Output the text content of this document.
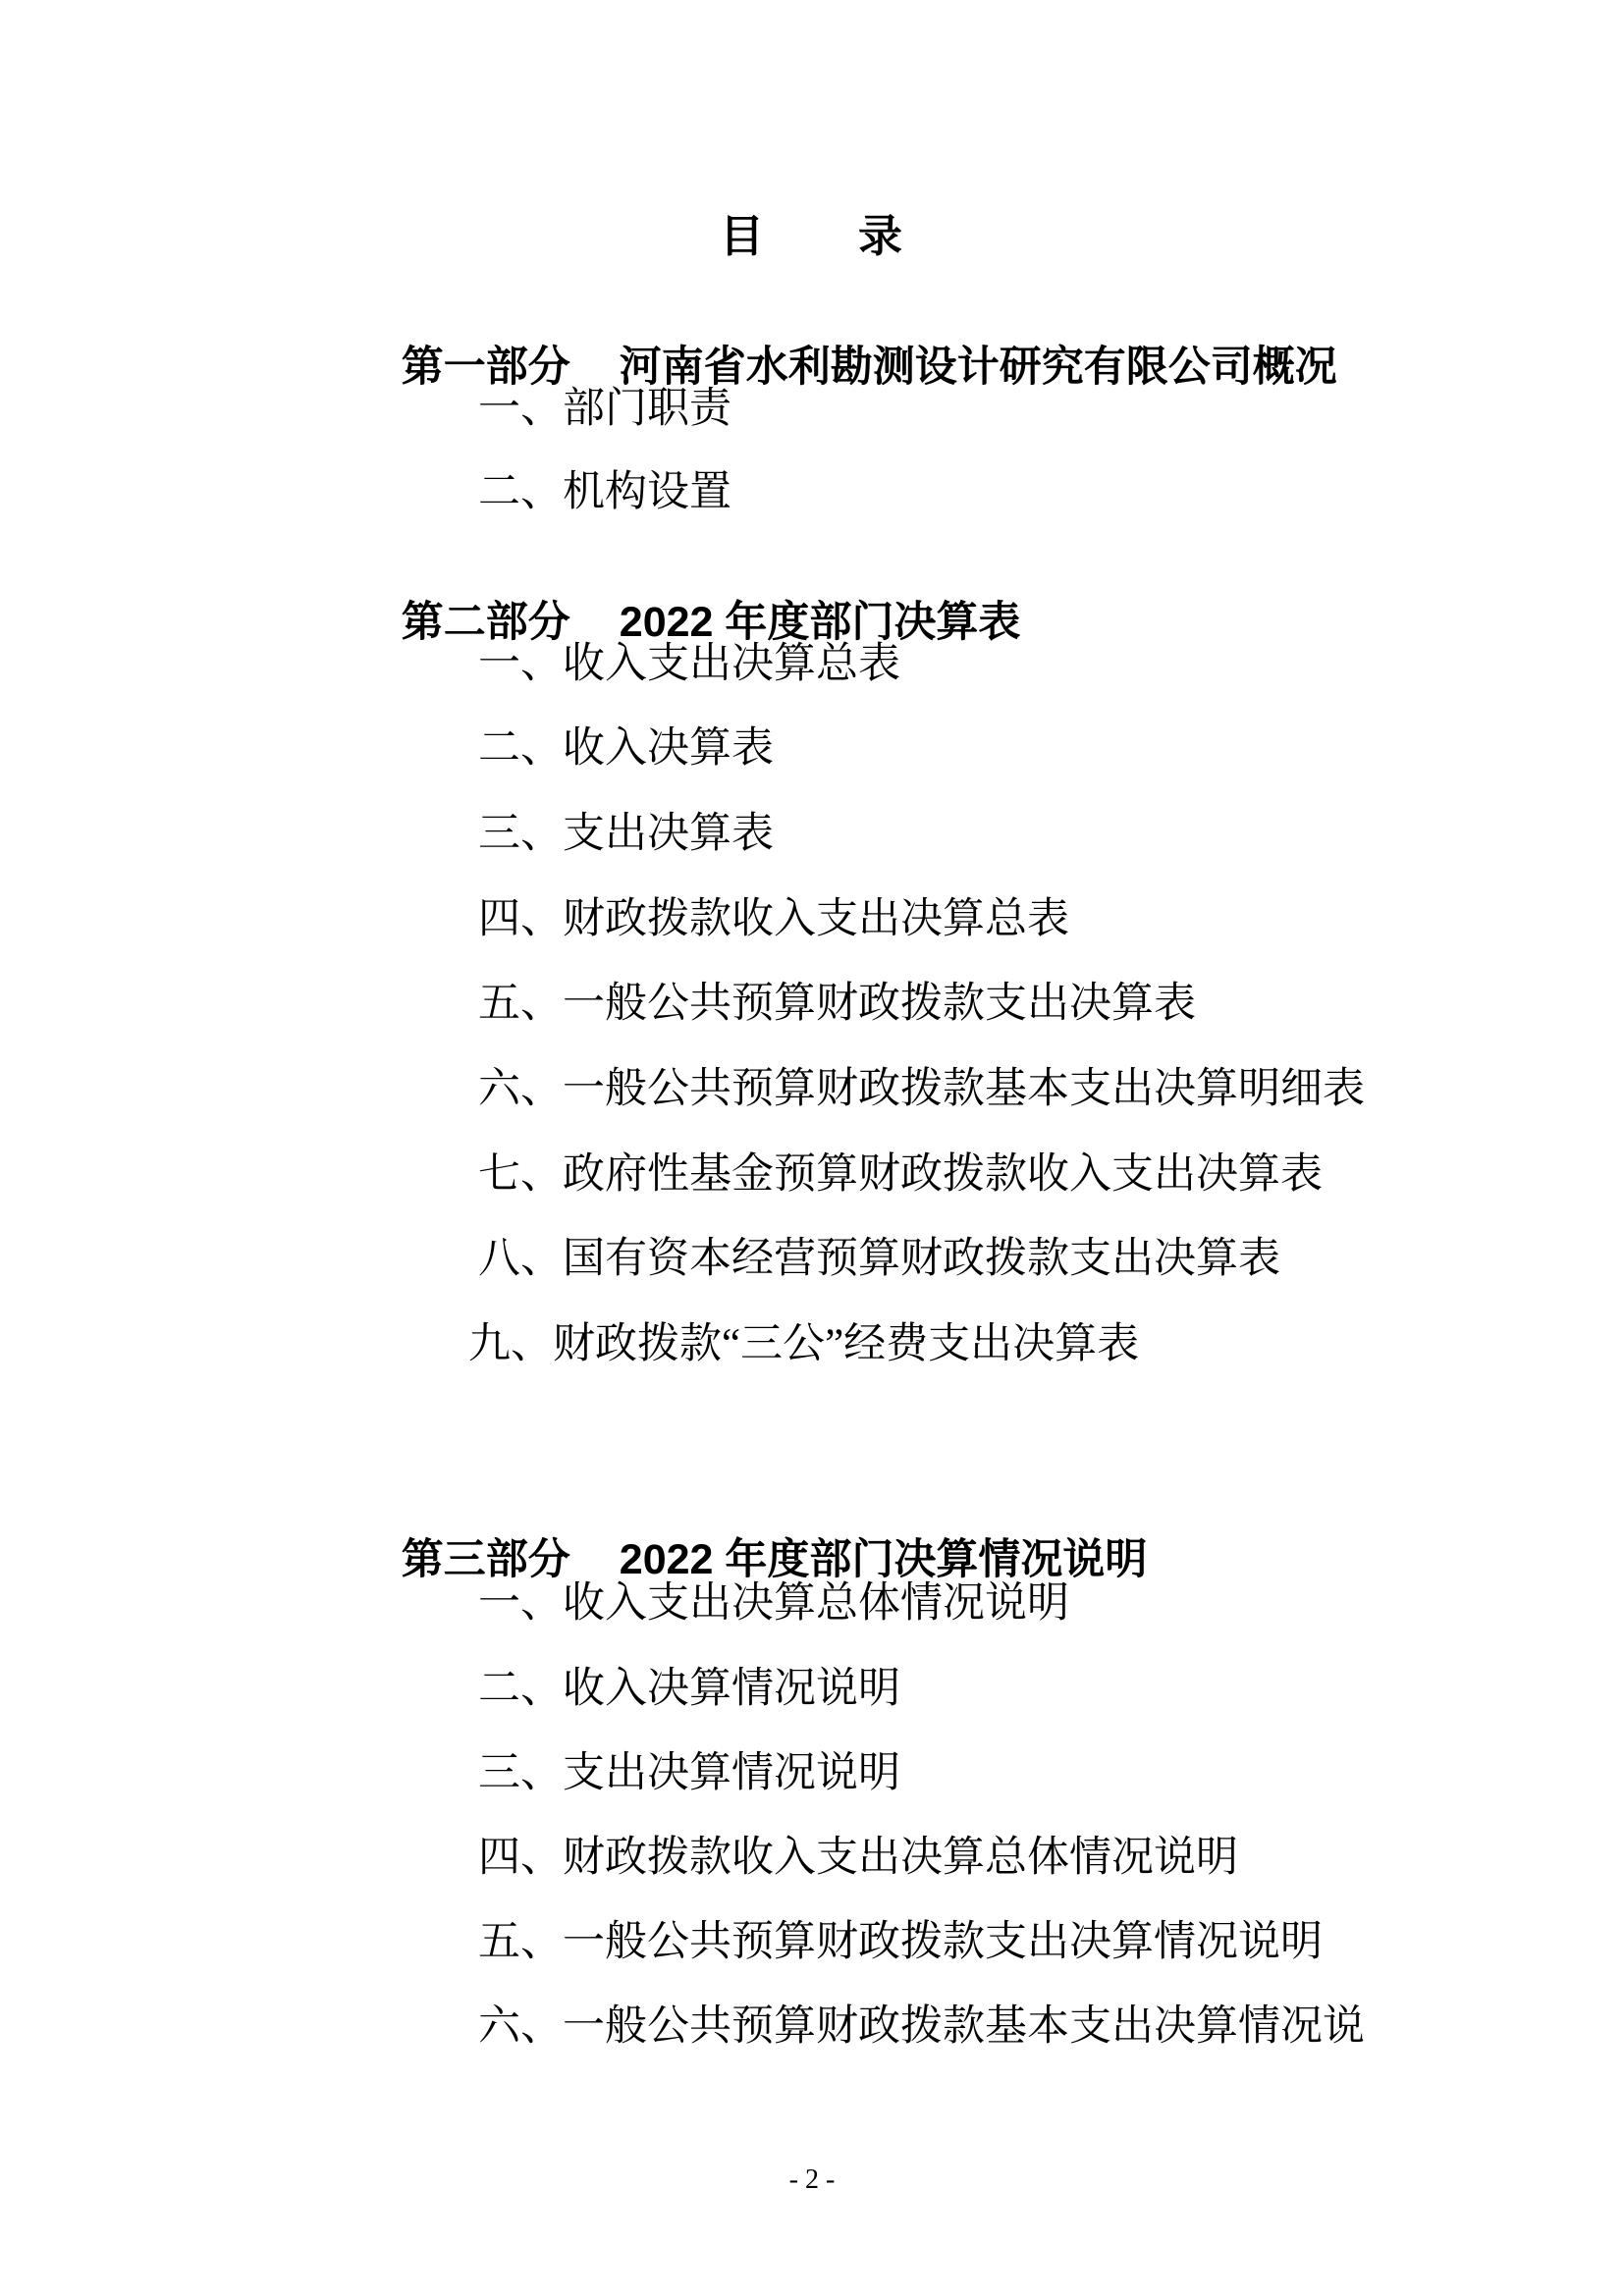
目　　录

第一部分 河南省水利勘测设计研究有限公司概况

一、部门职责
二、机构设置

第二部分 2022 年度部门决算表

一、收入支出决算总表
二、收入决算表
三、支出决算表
四、财政拨款收入支出决算总表
五、一般公共预算财政拨款支出决算表
六、一般公共预算财政拨款基本支出决算明细表
七、政府性基金预算财政拨款收入支出决算表
八、国有资本经营预算财政拨款支出决算表
九、财政拨款“三公”经费支出决算表

第三部分 2022 年度部门决算情况说明

一、收入支出决算总体情况说明
二、收入决算情况说明
三、支出决算情况说明
四、财政拨款收入支出决算总体情况说明
五、一般公共预算财政拨款支出决算情况说明
六、一般公共预算财政拨款基本支出决算情况说
- 2 -
